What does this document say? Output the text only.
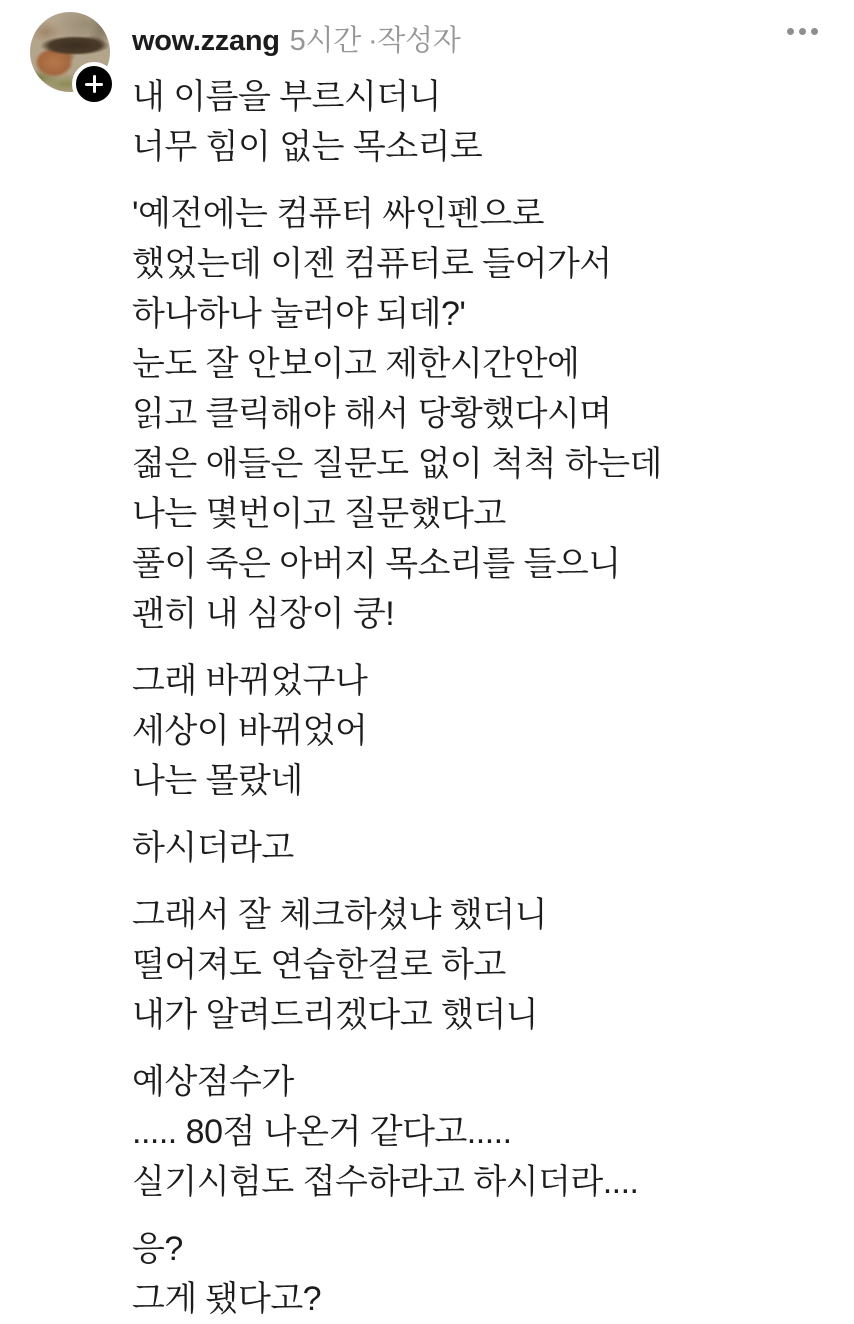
wow.zzang 5시간 ·작성자

내 이름을 부르시더니
너무 힘이 없는 목소리로

'예전에는 컴퓨터 싸인펜으로
했었는데 이젠 컴퓨터로 들어가서
하나하나 눌러야 되데?'
눈도 잘 안보이고 제한시간안에
읽고 클릭해야 해서 당황했다시며
젊은 애들은 질문도 없이 척척 하는데
나는 몇번이고 질문했다고
풀이 죽은 아버지 목소리를 들으니
괜히 내 심장이 쿵!

그래 바뀌었구나
세상이 바뀌었어
나는 몰랐네

하시더라고

그래서 잘 체크하셨냐 했더니
떨어져도 연습한걸로 하고
내가 알려드리겠다고 했더니

예상점수가
..... 80점 나온거 같다고.....
실기시험도 접수하라고 하시더라....

응?
그게 됐다고?
